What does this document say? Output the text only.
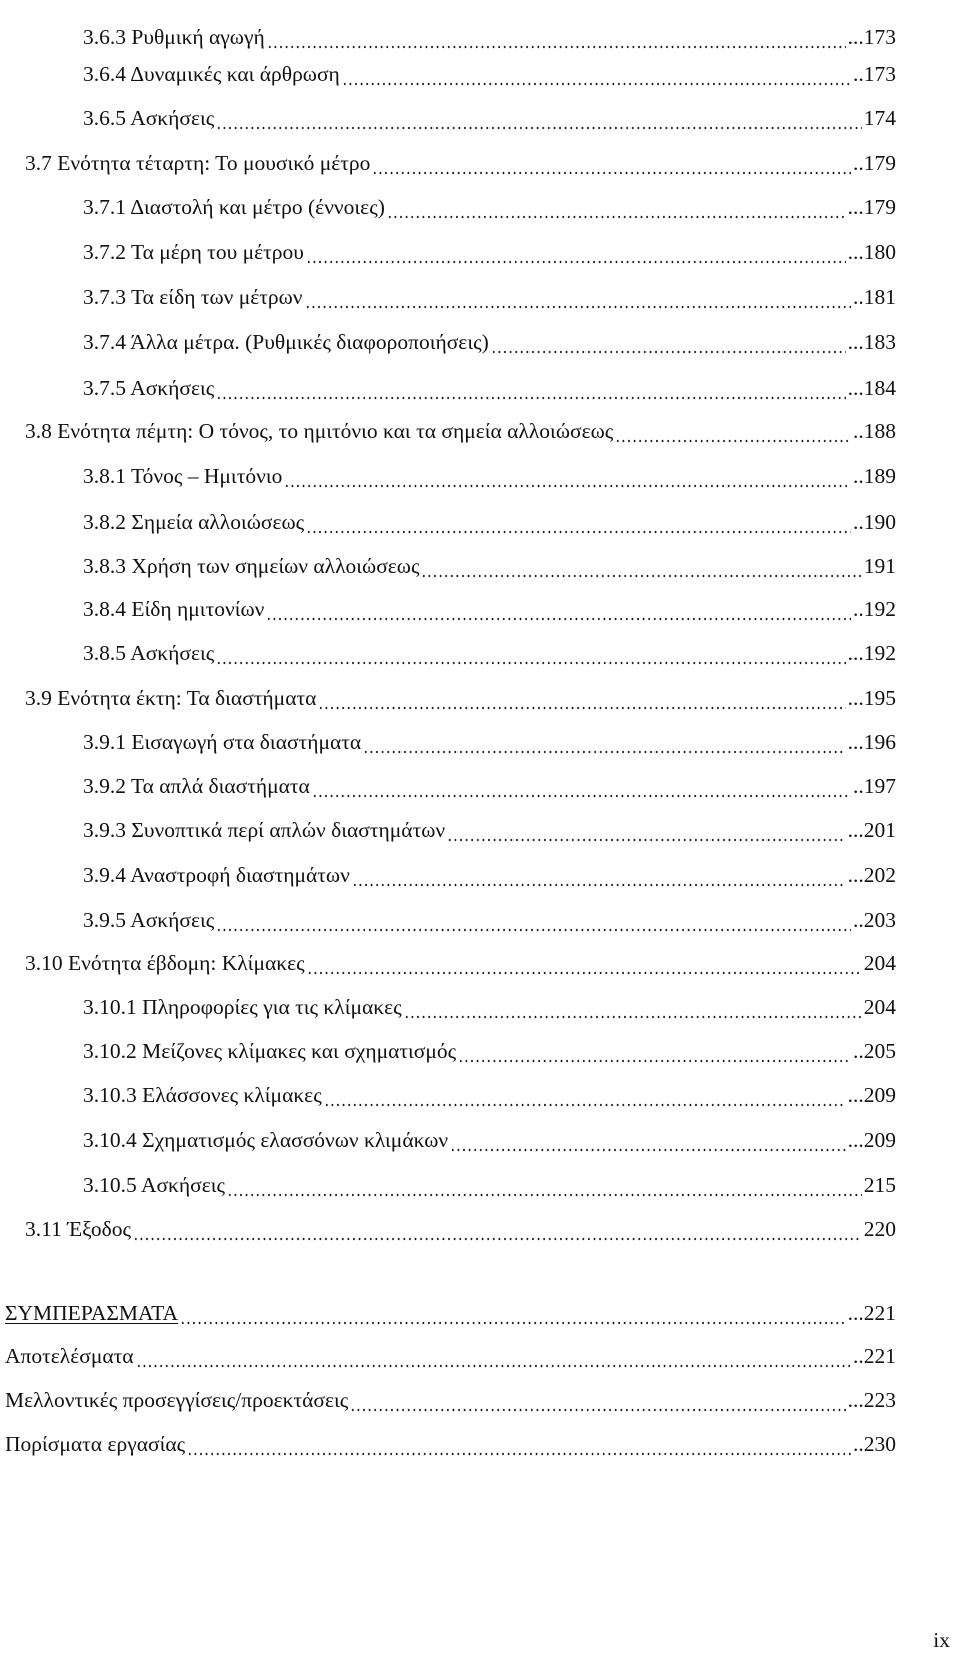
3.6.3 Ρυθμική αγωγή	...173
3.6.4 Δυναμικές και άρθρωση	..173
3.6.5 Ασκήσεις	174
3.7 Ενότητα τέταρτη: Το μουσικό μέτρο	..179
3.7.1 Διαστολή και μέτρο (έννοιες)	...179
3.7.2 Τα μέρη του μέτρου	...180
3.7.3 Τα είδη των μέτρων	..181
3.7.4 Άλλα μέτρα. (Ρυθμικές διαφοροποιήσεις)	...183
3.7.5 Ασκήσεις	...184
3.8 Ενότητα πέμτη: Ο τόνος, το ημιτόνιο και τα σημεία αλλοιώσεως	..188
3.8.1 Τόνος – Ημιτόνιο	..189
3.8.2 Σημεία αλλοιώσεως	..190
3.8.3 Χρήση των σημείων αλλοιώσεως	191
3.8.4 Είδη ημιτονίων	..192
3.8.5 Ασκήσεις	...192
3.9 Ενότητα έκτη: Τα διαστήματα	...195
3.9.1 Εισαγωγή στα διαστήματα	...196
3.9.2 Τα απλά διαστήματα	..197
3.9.3 Συνοπτικά περί απλών διαστημάτων	...201
3.9.4 Αναστροφή διαστημάτων	...202
3.9.5 Ασκήσεις	..203
3.10 Ενότητα έβδομη: Κλίμακες	204
3.10.1 Πληροφορίες για τις κλίμακες	204
3.10.2 Μείζονες κλίμακες και σχηματισμός	..205
3.10.3 Ελάσσονες κλίμακες	...209
3.10.4 Σχηματισμός ελασσόνων κλιμάκων	...209
3.10.5 Ασκήσεις	215
3.11 Έξοδος	220
ΣΥΜΠΕΡΑΣΜΑΤΑ	...221
Αποτελέσματα	..221
Μελλοντικές προσεγγίσεις/προεκτάσεις	...223
Πορίσματα εργασίας	..230
ix
